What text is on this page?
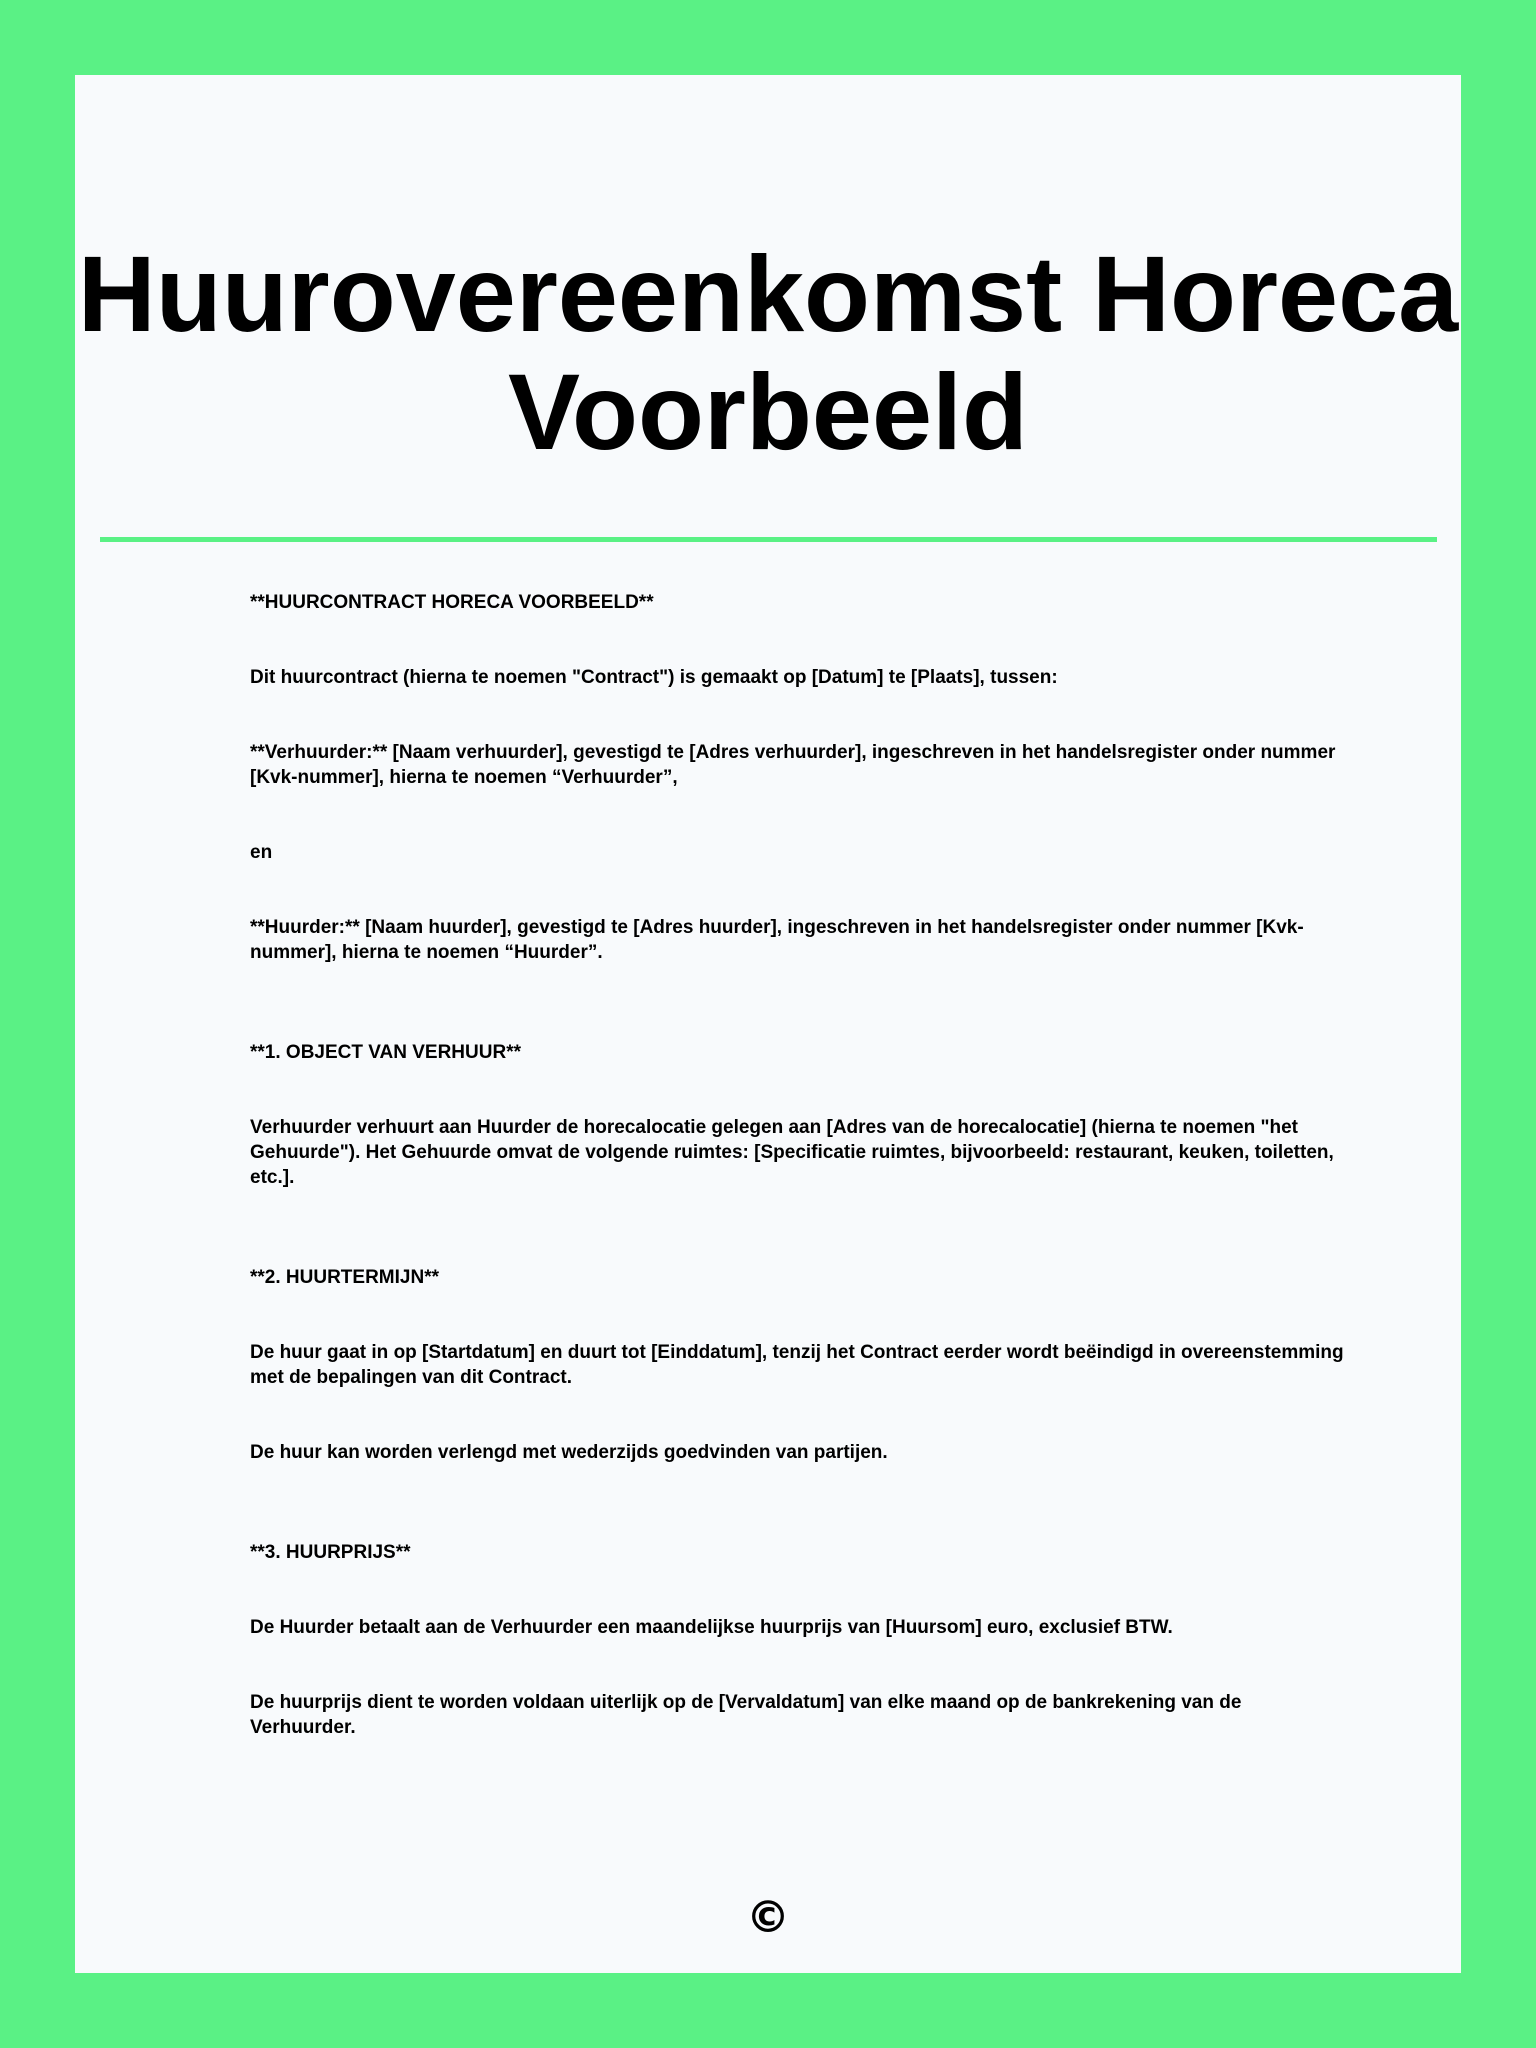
Huurovereenkomst Horeca Voorbeeld

**HUURCONTRACT HORECA VOORBEELD**

Dit huurcontract (hierna te noemen "Contract") is gemaakt op [Datum] te [Plaats], tussen:

**Verhuurder:** [Naam verhuurder], gevestigd te [Adres verhuurder], ingeschreven in het handelsregister onder nummer [Kvk-nummer], hierna te noemen “Verhuurder”,

en

**Huurder:** [Naam huurder], gevestigd te [Adres huurder], ingeschreven in het handelsregister onder nummer [Kvk-nummer], hierna te noemen “Huurder”.

**1. OBJECT VAN VERHUUR**

Verhuurder verhuurt aan Huurder de horecalocatie gelegen aan [Adres van de horecalocatie] (hierna te noemen "het Gehuurde"). Het Gehuurde omvat de volgende ruimtes: [Specificatie ruimtes, bijvoorbeeld: restaurant, keuken, toiletten, etc.].

**2. HUURTERMIJN**

De huur gaat in op [Startdatum] en duurt tot [Einddatum], tenzij het Contract eerder wordt beëindigd in overeenstemming met de bepalingen van dit Contract.

De huur kan worden verlengd met wederzijds goedvinden van partijen.

**3. HUURPRIJS**

De Huurder betaalt aan de Verhuurder een maandelijkse huurprijs van [Huursom] euro, exclusief BTW.

De huurprijs dient te worden voldaan uiterlijk op de [Vervaldatum] van elke maand op de bankrekening van de Verhuurder.

©
